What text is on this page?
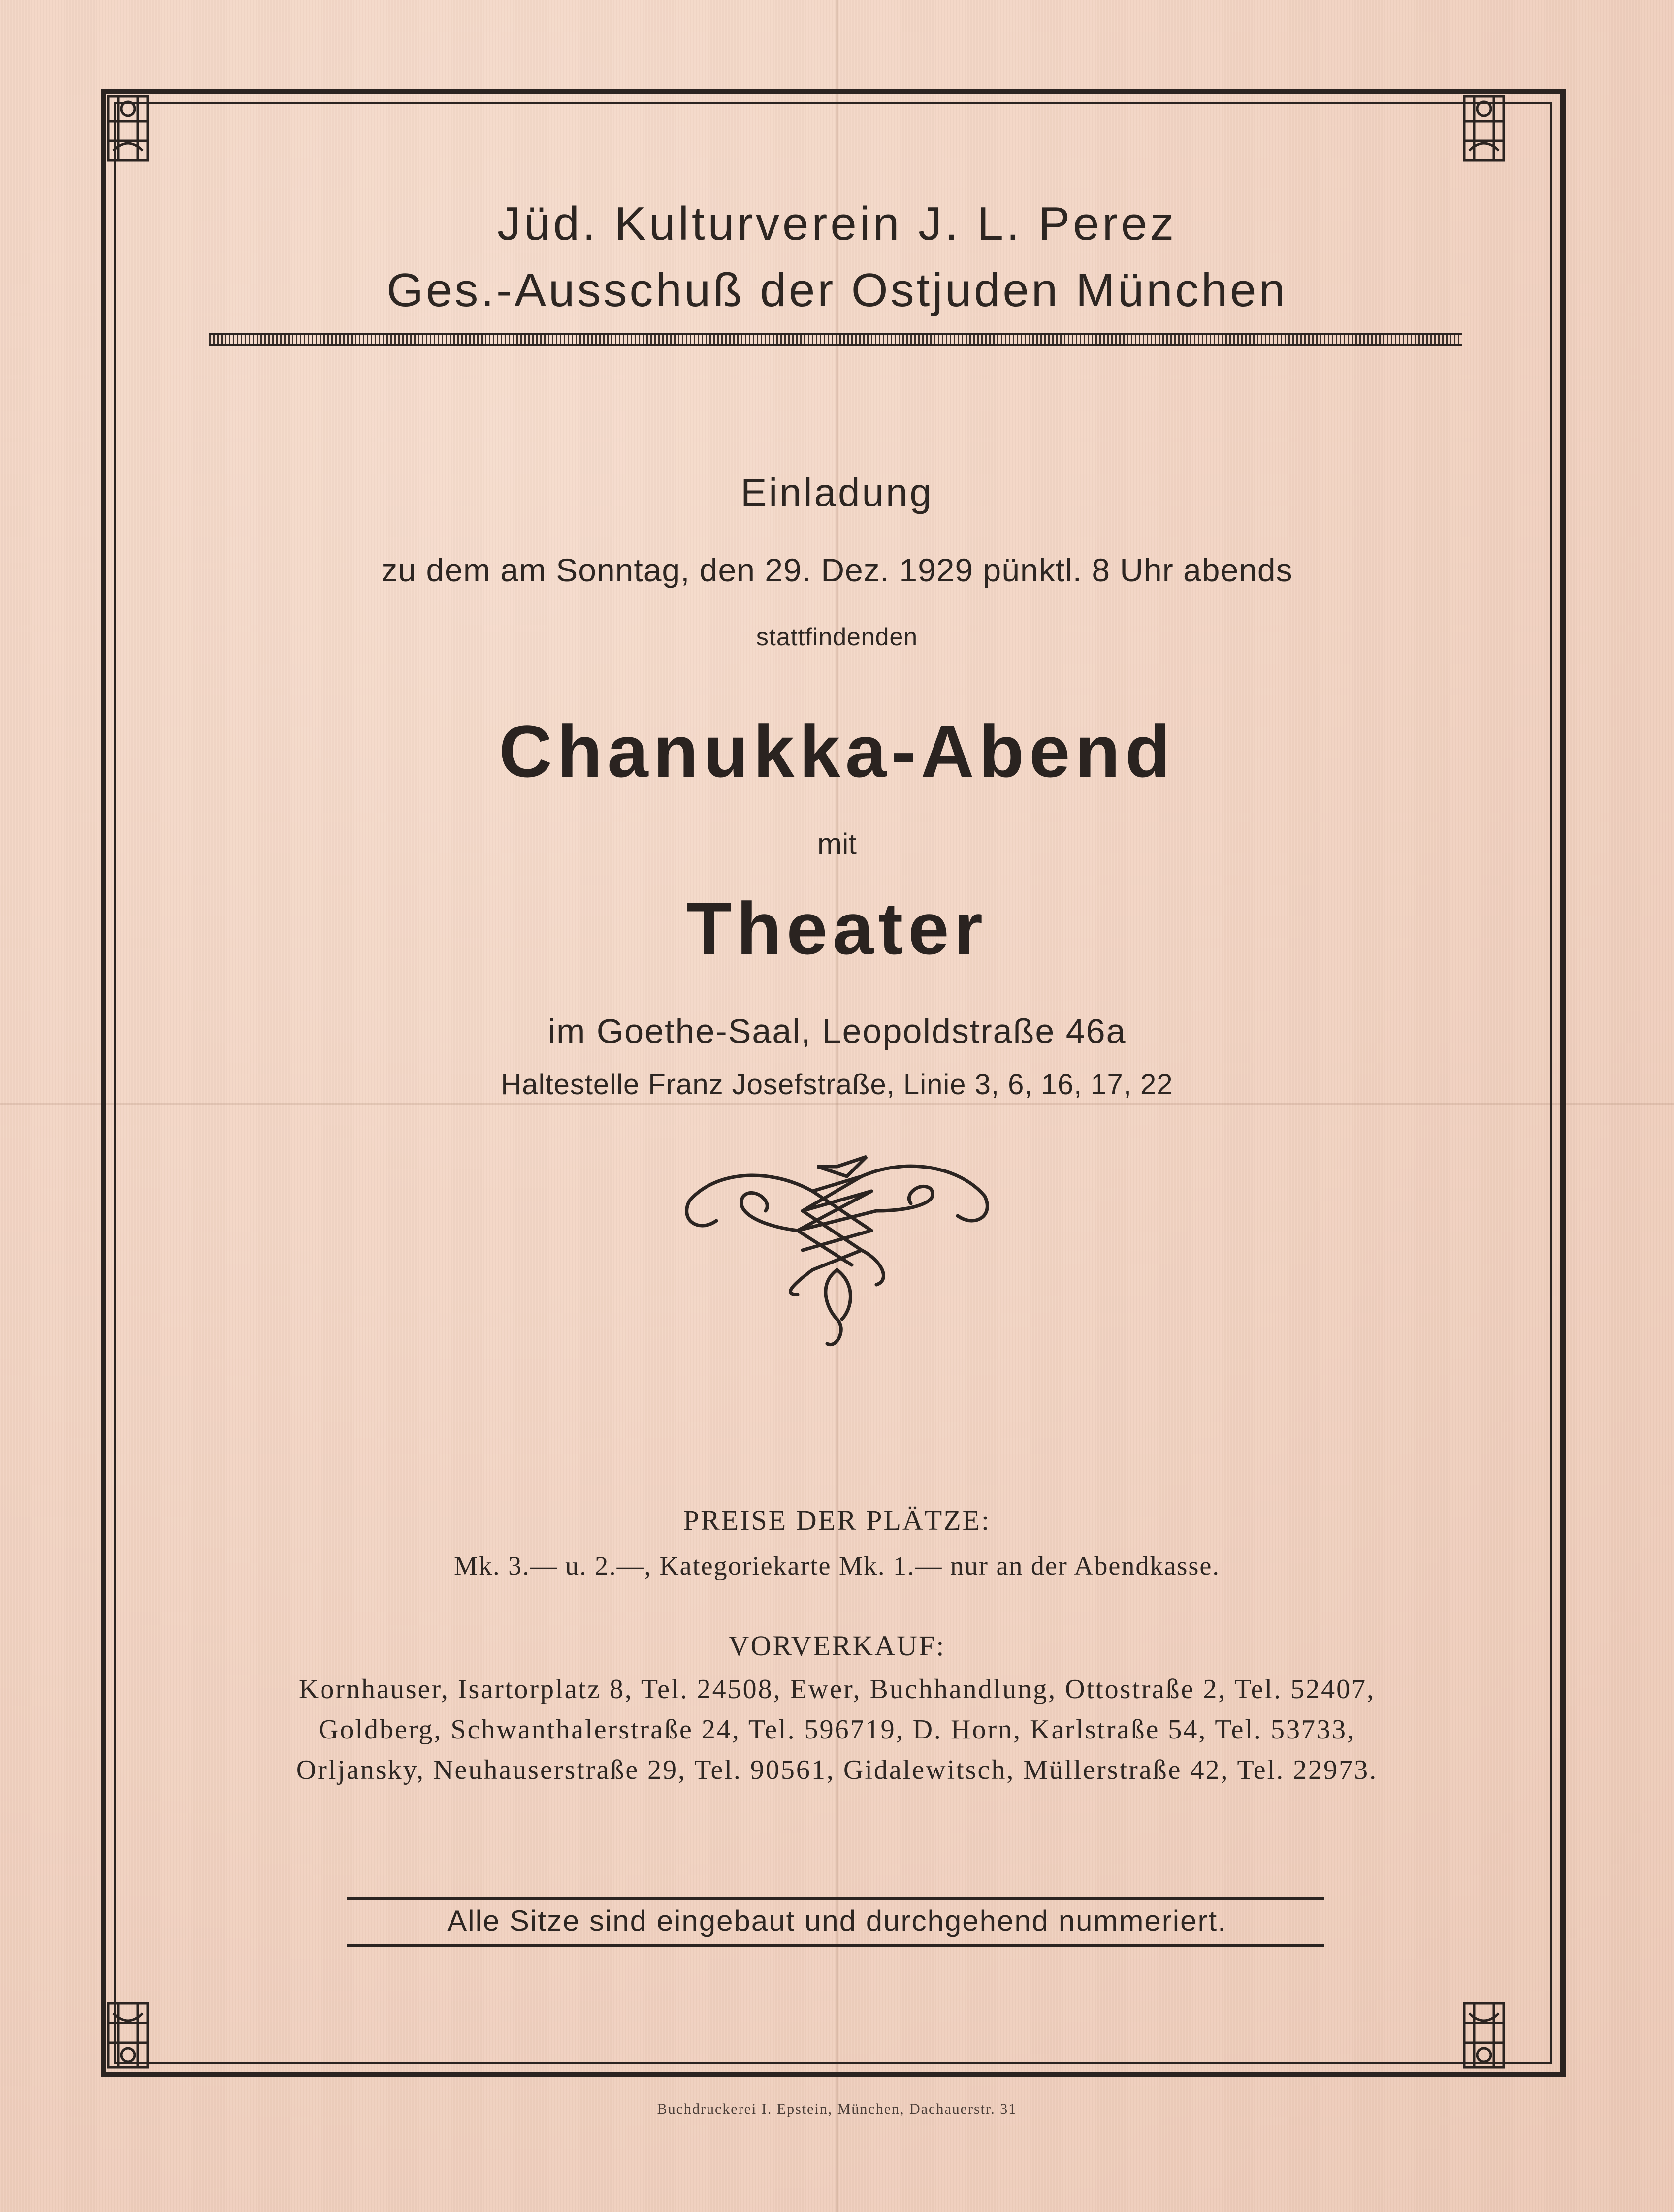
Jüd. Kulturverein J. L. Perez
Ges.-Ausschuß der Ostjuden München
Einladung
zu dem am Sonntag, den 29. Dez. 1929 pünktl. 8 Uhr abends
stattfindenden
Chanukka-Abend
mit
Theater
im Goethe-Saal, Leopoldstraße 46a
Haltestelle Franz Josefstraße, Linie 3, 6, 16, 17, 22
PREISE DER PLÄTZE:
Mk. 3.— u. 2.—, Kategoriekarte Mk. 1.— nur an der Abendkasse.
VORVERKAUF:
Kornhauser, Isartorplatz 8, Tel. 24508, Ewer, Buchhandlung, Ottostraße 2, Tel. 52407,
Goldberg, Schwanthalerstraße 24, Tel. 596719, D. Horn, Karlstraße 54, Tel. 53733,
Orljansky, Neuhauserstraße 29, Tel. 90561, Gidalewitsch, Müllerstraße 42, Tel. 22973.
Alle Sitze sind eingebaut und durchgehend nummeriert.
Buchdruckerei I. Epstein, München, Dachauerstr. 31
